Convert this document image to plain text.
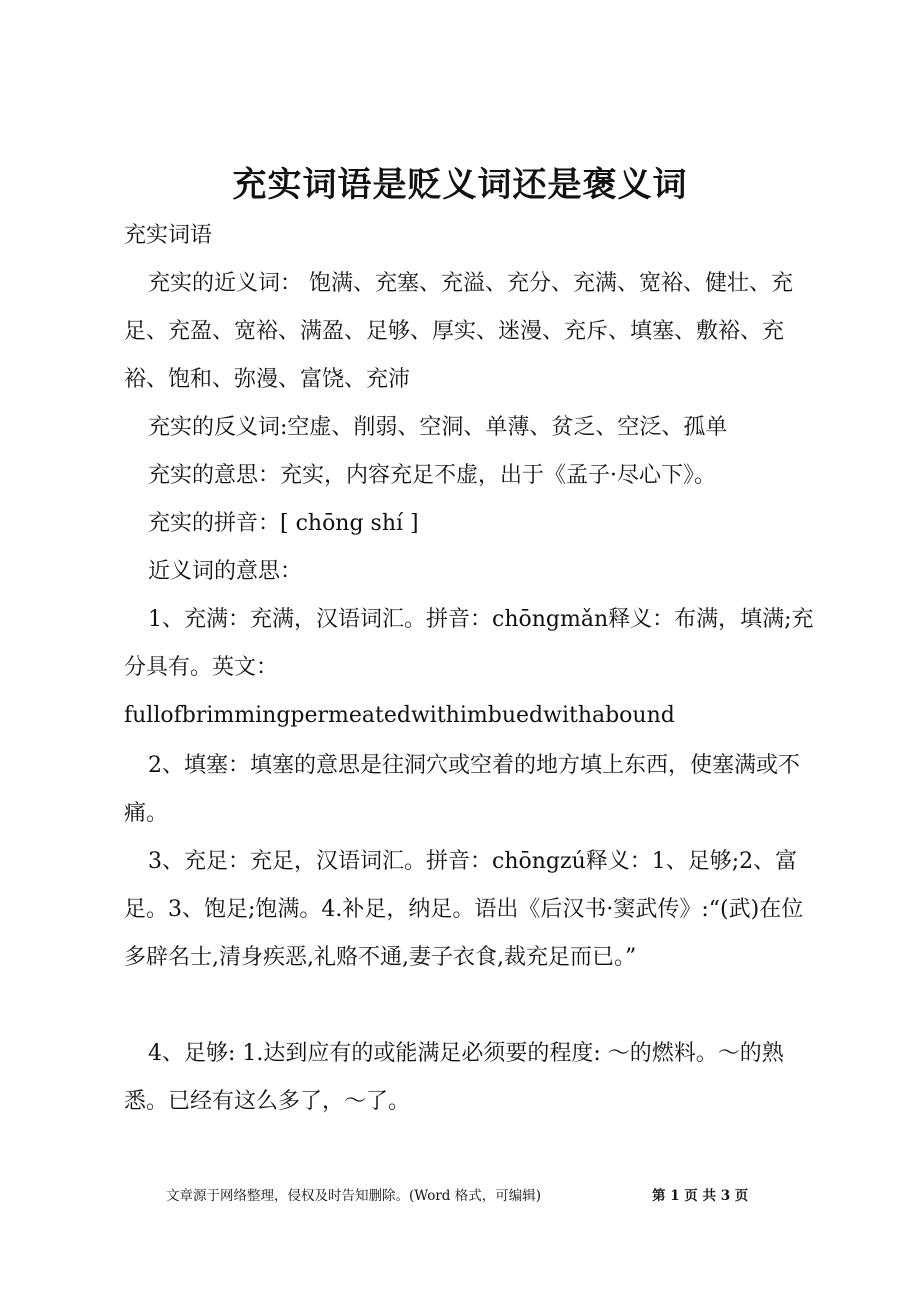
充实词语是贬义词还是褒义词
充实词语
充实的近义词： 饱满、充塞、充溢、充分、充满、宽裕、健壮、充足、充盈、宽裕、满盈、足够、厚实、迷漫、充斥、填塞、敷裕、充裕、饱和、弥漫、富饶、充沛
充实的反义词:空虚、削弱、空洞、单薄、贫乏、空泛、孤单
充实的意思：充实，内容充足不虚，出于《孟子·尽心下》。
充实的拼音：[ chōng shí ]
近义词的意思：
1、充满：充满，汉语词汇。拼音：chōngmǎn释义：布满，填满;充分具有。英文：
fullofbrimmingpermeatedwithimbuedwithabound
2、填塞：填塞的意思是往洞穴或空着的地方填上东西，使塞满或不痛。
3、充足：充足，汉语词汇。拼音：chōngzú释义：1、足够;2、富足。3、饱足;饱满。4.补足，纳足。语出《后汉书·窦武传》:“(武)在位多辟名士,清身疾恶,礼赂不通,妻子衣食,裁充足而已。”
4、足够: 1.达到应有的或能满足必须要的程度: ～的燃料。～的熟悉。已经有这么多了，～了。
文章源于网络整理，侵权及时告知删除。(Word 格式，可编辑)	第 1 页 共 3 页
